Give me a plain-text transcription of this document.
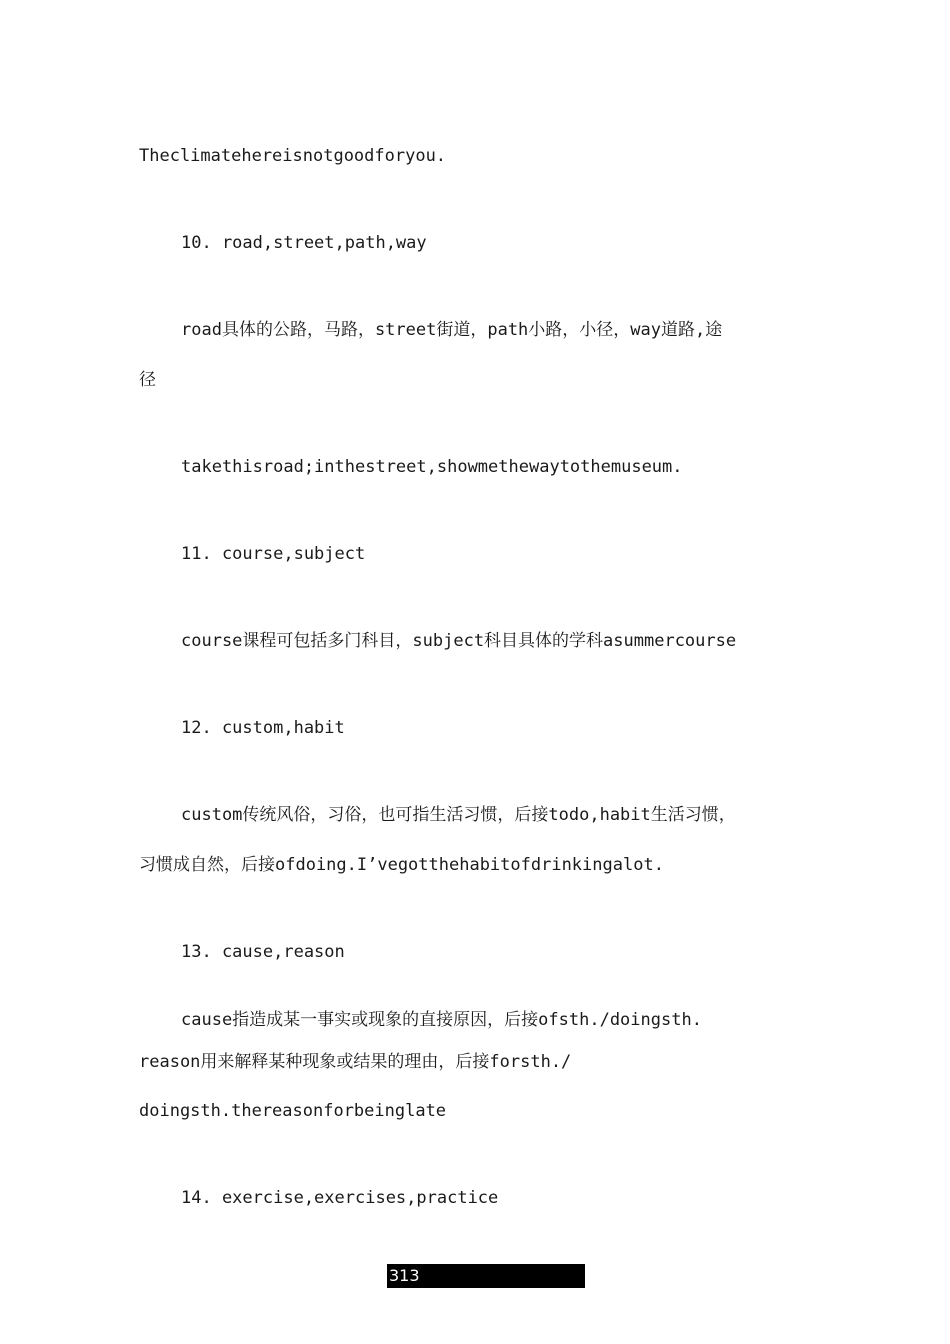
Theclimatehereisnotgoodforyou.
10. road,street,path,way
road具体的公路，马路，street街道，path小路，小径，way道路,途
径
takethisroad;inthestreet,showmethewaytothemuseum.
11. course,subject
course课程可包括多门科目，subject科目具体的学科asummercourse
12. custom,habit
custom传统风俗，习俗，也可指生活习惯，后接todo,habit生活习惯，
习惯成自然，后接ofdoing.I’vegotthehabitofdrinkingalot.
13. cause,reason
cause指造成某一事实或现象的直接原因，后接ofsth./doingsth.
reason用来解释某种现象或结果的理由，后接forsth./
doingsth.thereasonforbeinglate
14. exercise,exercises,practice
313
